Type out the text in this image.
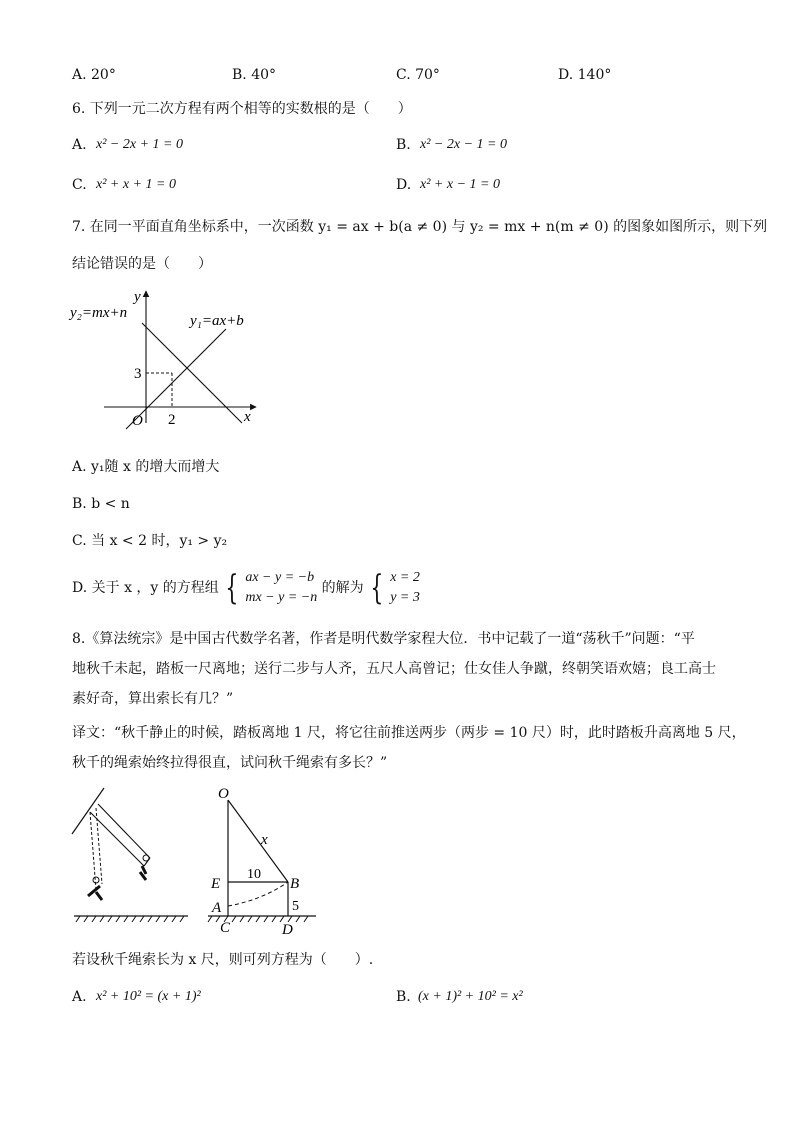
A. 20°	B. 40°	C. 70°	D. 140°
6. 下列一元二次方程有两个相等的实数根的是（　　）
A. x² − 2x + 1 = 0	B. x² − 2x − 1 = 0
C. x² + x + 1 = 0	D. x² + x − 1 = 0
7. 在同一平面直角坐标系中，一次函数 y₁ = ax + b(a ≠ 0) 与 y₂ = mx + n(m ≠ 0) 的图象如图所示，则下列
结论错误的是（　　）
y₂=mx+n	y₁=ax+b
y
x
O
3
2
A. y₁随 x 的增大而增大
B. b < n
C. 当 x < 2 时，y₁ > y₂
D. 关于 x ，y 的方程组 { ax − y = −b
mx − y = −n
的解为 { x = 2
y = 3
8.《算法统宗》是中国古代数学名著，作者是明代数学家程大位．书中记载了一道“荡秋千”问题：“平
地秋千未起，踏板一尺离地；送行二步与人齐，五尺人高曾记；仕女佳人争蹴，终朝笑语欢嬉；良工高士
素好奇，算出索长有几？”
译文：“秋千静止的时候，踏板离地 1 尺，将它往前推送两步（两步 = 10 尺）时，此时踏板升高离地 5 尺，
秋千的绳索始终拉得很直，试问秋千绳索有多长？”
O
x
10
E	B
5
A
C	D
若设秋千绳索长为 x 尺，则可列方程为（　　）.
A. x² + 10² = (x + 1)²	B. (x + 1)² + 10² = x²
